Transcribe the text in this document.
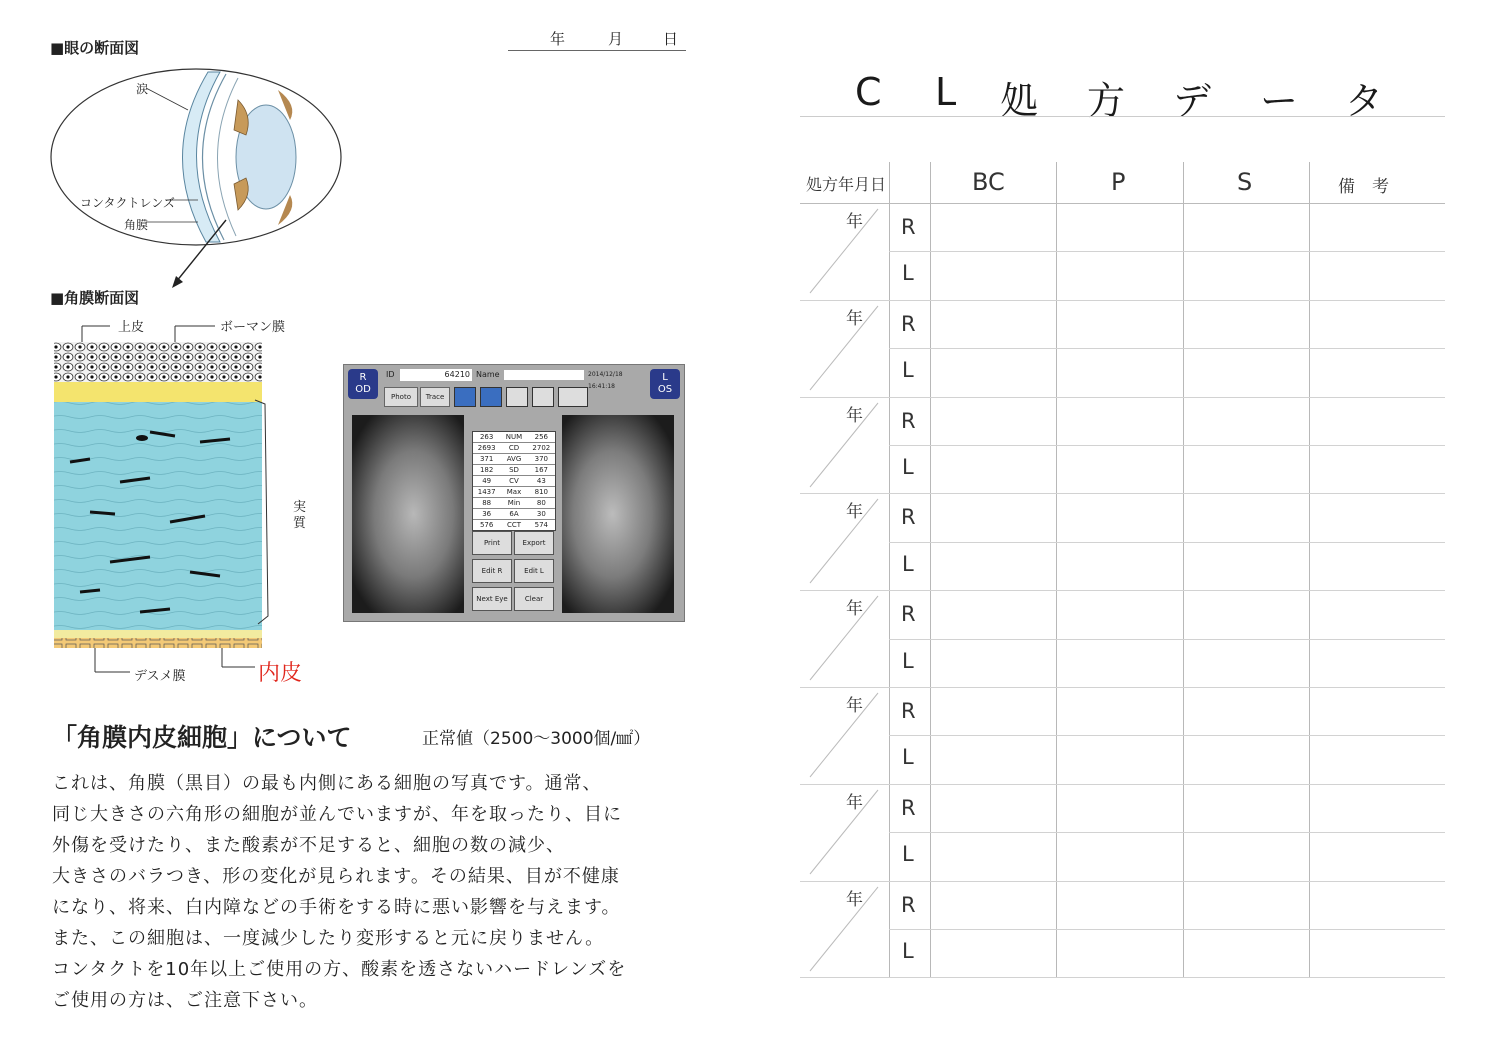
■眼の断面図	年	月	日
涙
コンタクトレンズ
角膜
■角膜断面図
上皮	ボーマン膜
実質
デスメ膜	内皮
R
OD
L
OS
ID	64210 Name	2014/12/18 16:41:18
Photo	Trace
263	NUM	256
2693	CD	2702
371	AVG	370
182	SD	167
49	CV	43
1437	Max	810
88	Min	80
36	6A	30
576	CCT	574
Print	Export
Edit R	Edit L
Next Eye	Clear
「角膜内皮細胞」について	正常値（2500～3000個/㎟）
これは、角膜（黒目）の最も内側にある細胞の写真です。通常、
同じ大きさの六角形の細胞が並んでいますが、年を取ったり、目に
外傷を受けたり、また酸素が不足すると、細胞の数の減少、
大きさのバラつき、形の変化が見られます。その結果、目が不健康
になり、将来、白内障などの手術をする時に悪い影響を与えます。
また、この細胞は、一度減少したり変形すると元に戻りません。
コンタクトを10年以上ご使用の方、酸素を透さないハードレンズを
ご使用の方は、ご注意下さい。
C L 処 方 デ ー タ
処方年月日	BC	P	S	備　考
年 R
L
年 R
L
年 R
L
年 R
L
年 R
L
年 R
L
年 R
L
年 R
L
